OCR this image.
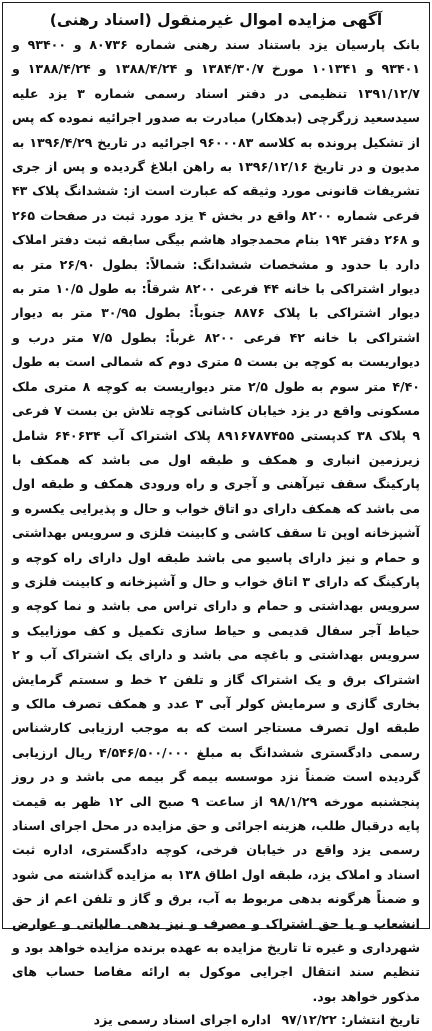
آگهی مزایده اموال غیرمنقول (اسناد رهنی)
بانک پارسیان یزد باستناد سند رهنی شماره ۸۰۷۳۶ و ۹۳۴۰۰ و ۹۳۴۰۱ و ۱۰۱۳۴۱ مورخ ۱۳۸۴/۳۰/۷ و ۱۳۸۸/۴/۲۴ و ۱۳۸۸/۴/۲۴ و ۱۳۹۱/۱۲/۷ تنظیمی در دفتر اسناد رسمی شماره ۳ یزد علیه سیدسعید زرگرچی (بدهکار) مبادرت به صدور اجرائیه نموده که پس از تشکیل پرونده به کلاسه ۹۶۰۰۰۸۳ اجرائیه در تاریخ ۱۳۹۶/۴/۲۹ به مدیون و در تاریخ ۱۳۹۶/۱۲/۱۶ به راهن ابلاغ گردیده و پس از جری تشریفات قانونی مورد وثیقه که عبارت است از: ششدانگ پلاک ۴۳ فرعی شماره ۸۲۰۰ واقع در بخش ۴ یزد مورد ثبت در صفحات ۲۶۵ و ۲۶۸ دفتر ۱۹۴ بنام محمدجواد هاشم بیگی سابقه ثبت دفتر املاک دارد با حدود و مشخصات ششدانگ: شمالاً: بطول ۲۶/۹۰ متر به دیوار اشتراکی با خانه ۴۴ فرعی ۸۲۰۰ شرقاً: به طول ۱۰/۵ متر به دیوار اشتراکی با پلاک ۸۸۷۶ جنوباً: بطول ۳۰/۹۵ متر به دیوار اشتراکی با خانه ۴۲ فرعی ۸۲۰۰ غرباً: بطول ۷/۵ متر درب و دیواریست به کوچه بن بست ۵ متری دوم که شمالی است به طول ۴/۴۰ متر سوم به طول ۲/۵ متر دیواریست به کوچه ۸ متری ملک مسکونی واقع در یزد خیابان کاشانی کوچه تلاش بن بست ۷ فرعی ۹ پلاک ۳۸ کدپستی ۸۹۱۶۷۸۷۴۵۵ پلاک اشتراک آب ۶۴۰۶۳۴ شامل زیرزمین انباری و همکف و طبقه اول می باشد که همکف با پارکینگ سقف تیرآهنی و آجری و راه ورودی همکف و طبقه اول می باشد که همکف دارای دو اتاق خواب و حال و پذیرایی یکسره و آشپزخانه اوپن تا سقف کاشی و کابینت فلزی و سرویس بهداشتی و حمام و نیز دارای پاسیو می باشد طبقه اول دارای راه کوچه و پارکینگ که دارای ۳ اتاق خواب و حال و آشپزخانه و کابینت فلزی و سرویس بهداشتی و حمام و دارای تراس می باشد و نما کوچه و حیاط آجر سفال قدیمی و حیاط سازی تکمیل و کف موزاییک و سرویس بهداشتی و باغچه می باشد و دارای یک اشتراک آب و ۲ اشتراک برق و یک اشتراک گاز و تلفن ۲ خط و سستم گرمایش بخاری گازی و سرمایش کولر آبی ۳ عدد و همکف تصرف مالک و طبقه اول تصرف مستاجر است که به موجب ارزیابی کارشناس رسمی دادگستری ششدانگ به مبلغ ۴/۵۴۶/۵۰۰/۰۰۰ ریال ارزیابی گردیده است ضمناً نزد موسسه بیمه گر بیمه می باشد و در روز پنجشنبه مورخه ۹۸/۱/۲۹ از ساعت ۹ صبح الی ۱۲ ظهر به قیمت پایه درقبال طلب، هزینه اجرائی و حق مزایده در محل اجرای اسناد رسمی یزد واقع در خیابان فرخی، کوچه دادگستری، اداره ثبت اسناد و املاک یزد، طبقه اول اطاق ۱۳۸ به مزایده گذاشته می شود و ضمناً هرگونه بدهی مربوط به آب، برق و گاز و تلفن اعم از حق انشعاب و یا حق اشتراک و مصرف و نیز بدهی مالیاتی و عوارض شهرداری و غیره تا تاریخ مزایده به عهده برنده مزایده خواهد بود و تنظیم سند انتقال اجرایی موکول به ارائه مفاصا حساب های مذکور خواهد بود.
تاریخ انتشار: ۹۷/۱۲/۲۲ اداره اجرای اسناد رسمی یزد
